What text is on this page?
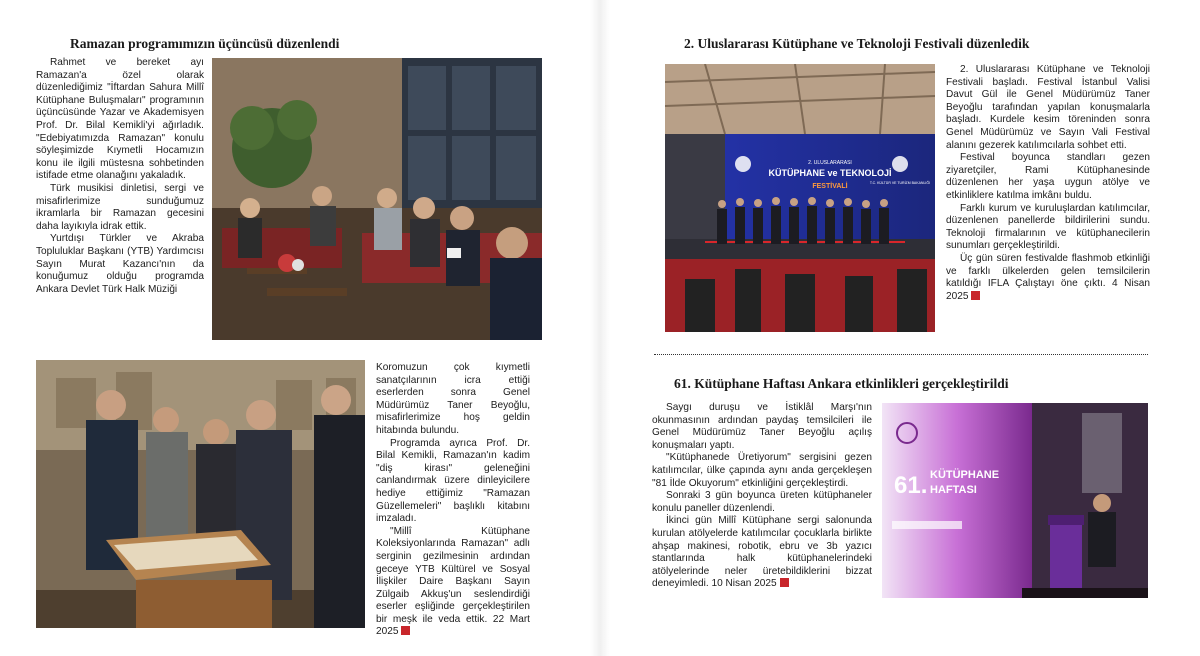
Ramazan programımızın üçüncüsü düzenlendi

Rahmet ve bereket ayı Ramazan'a özel olarak düzenlediğimiz "İftardan Sahura Millî Kütüphane Buluşmaları" programının üçüncüsünde Yazar ve Akademisyen Prof. Dr. Bilal Kemikli'yi ağırladık. "Edebiyatımızda Ramazan" konulu söyleşimizde Kıymetli Hocamızın konu ile ilgili müstesna sohbetinden istifade etme olanağını yakaladık.

Türk musikisi dinletisi, sergi ve misafirlerimize sunduğumuz ikramlarla bir Ramazan gecesini daha layıkıyla idrak ettik.

Yurtdışı Türkler ve Akraba Topluluklar Başkanı (YTB) Yardımcısı Sayın Murat Kazancı'nın da konuğumuz olduğu programda Ankara Devlet Türk Halk Müziği

Koromuzun çok kıymetli sanatçılarının icra ettiği eserlerden sonra Genel Müdürümüz Taner Beyoğlu, misafirlerimize hoş geldin hitabında bulundu.

Programda ayrıca Prof. Dr. Bilal Kemikli, Ramazan'ın kadim "diş kirası" geleneğini canlandırmak üzere dinleyicilere hediye ettiğimiz "Ramazan Güzellemeleri" başlıklı kitabını imzaladı.

"Millî Kütüphane Koleksiyonlarında Ramazan" adlı serginin gezilmesinin ardından geceye YTB Kültürel ve Sosyal İlişkiler Daire Başkanı Sayın Zülgaib Akkuş'un seslendirdiği eserler eşliğinde gerçekleştirilen bir meşk ile veda ettik. 22 Mart 2025

2. Uluslararası Kütüphane ve Teknoloji Festivali düzenledik
2. ULUSLARARASI
KÜTÜPHANE ve TEKNOLOJİ
FESTİVALİ	T.C. KÜLTÜR VE TURİZM BAKANLIĞI

2. Uluslararası Kütüphane ve Teknoloji Festivali başladı. Festival İstanbul Valisi Davut Gül ile Genel Müdürümüz Taner Beyoğlu tarafından yapılan konuşmalarla başladı. Kurdele kesim töreninden sonra Genel Müdürümüz ve Sayın Vali Festival alanını gezerek katılımcılarla sohbet etti.

Festival boyunca standları gezen ziyaretçiler, Rami Kütüphanesinde düzenlenen her yaşa uygun atölye ve etkinliklere katılma imkânı buldu.

Farklı kurum ve kuruluşlardan katılımcılar, düzenlenen panellerde bildirilerini sundu. Teknoloji firmalarının ve kütüphanecilerin sunumları gerçekleştirildi.

Üç gün süren festivalde flashmob etkinliği ve farklı ülkelerden gelen temsilcilerin katıldığı IFLA Çalıştayı öne çıktı. 4 Nisan 2025

61. Kütüphane Haftası Ankara etkinlikleri gerçekleştirildi

Saygı duruşu ve İstiklâl Marşı'nın okunmasının ardından paydaş temsilcileri ile Genel Müdürümüz Taner Beyoğlu açılış konuşmaları yaptı.

"Kütüphanede Üretiyorum" sergisini gezen katılımcılar, ülke çapında aynı anda gerçekleşen "81 İlde Okuyorum" etkinliğini gerçekleştirdi.

Sonraki 3 gün boyunca üreten kütüphaneler konulu paneller düzenlendi.

İkinci gün Millî Kütüphane sergi salonunda kurulan atölyelerde katılımcılar çocuklarla birlikte ahşap makinesi, robotik, ebru ve 3b yazıcı stantlarında halk kütüphanelerindeki atölyelerinde neler üretebildiklerini bizzat deneyimledi. 10 Nisan 2025

61. KÜTÜPHANE
HAFTASI
